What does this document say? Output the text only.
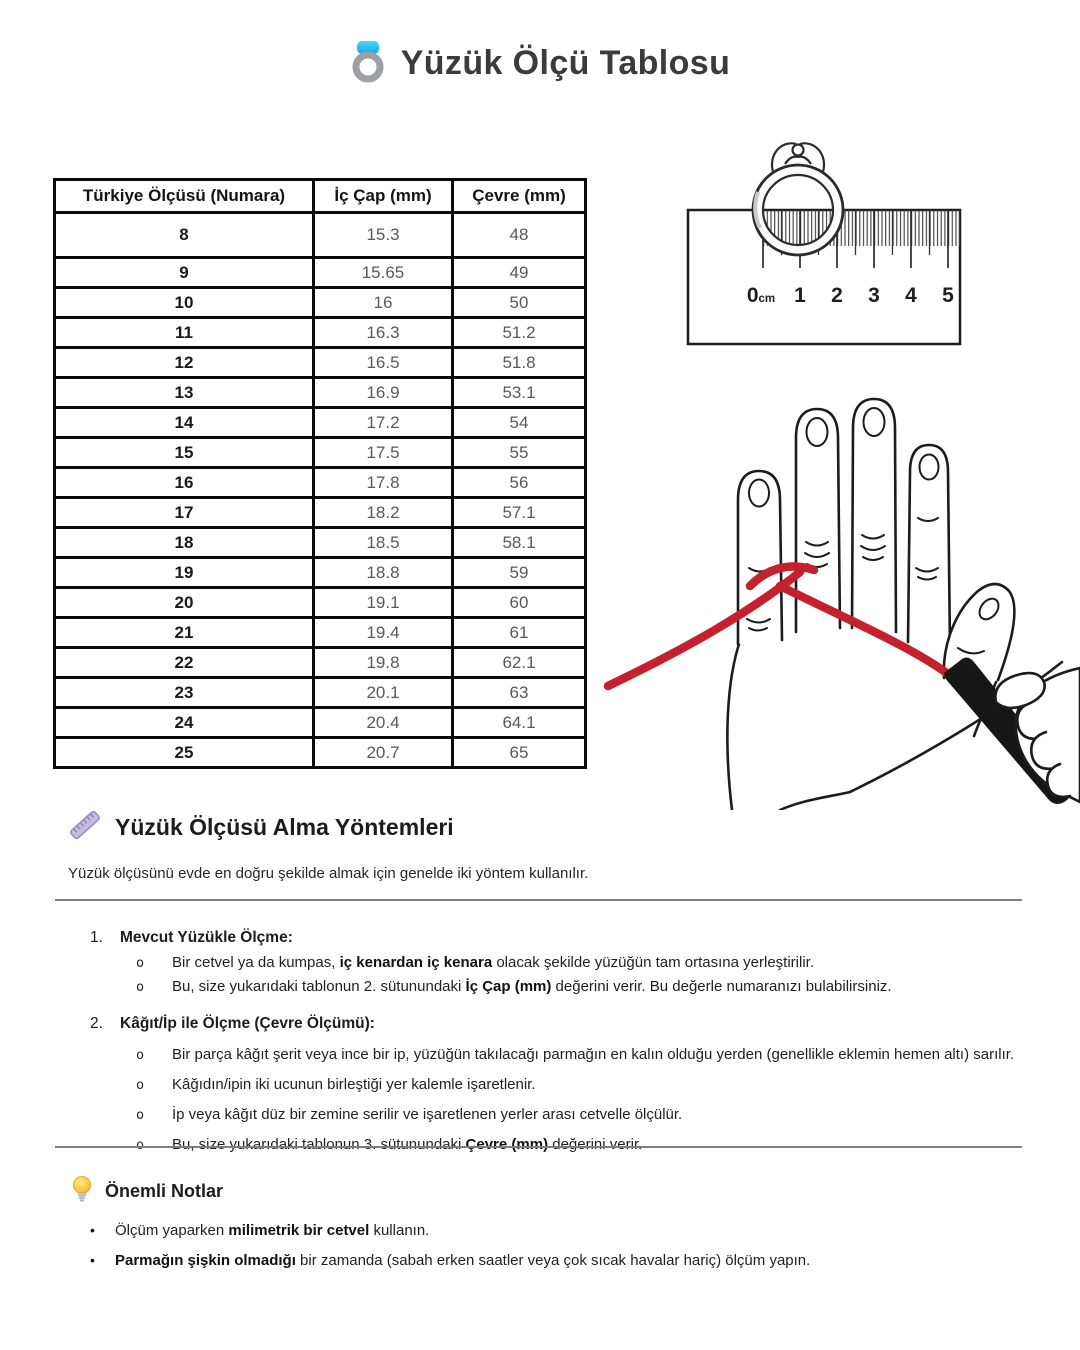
Yüzük Ölçü Tablosu
Türkiye Ölçüsü (Numara)	İç Çap (mm)	Çevre (mm)
8	15.3	48
9	15.65	49
10	16	50
11	16.3	51.2
12	16.5	51.8
13	16.9	53.1
14	17.2	54
15	17.5	55
16	17.8	56
17	18.2	57.1
18	18.5	58.1
19	18.8	59
20	19.1	60
21	19.4	61
22	19.8	62.1
23	20.1	63
24	20.4	64.1
25	20.7	65
0cm 1 2 3 4 5
Yüzük Ölçüsü Alma Yöntemleri

Yüzük ölçüsünü evde en doğru şekilde almak için genelde iki yöntem kullanılır.

1.	Mevcut Yüzükle Ölçme:
o	Bir cetvel ya da kumpas, iç kenardan iç kenara olacak şekilde yüzüğün tam ortasına yerleştirilir.
o	Bu, size yukarıdaki tablonun 2. sütunundaki İç Çap (mm) değerini verir. Bu değerle numaranızı bulabilirsiniz.
2.	Kâğıt/İp ile Ölçme (Çevre Ölçümü):
o	Bir parça kâğıt şerit veya ince bir ip, yüzüğün takılacağı parmağın en kalın olduğu yerden (genellikle eklemin hemen altı) sarılır.
o	Kâğıdın/ipin iki ucunun birleştiği yer kalemle işaretlenir.
o	İp veya kâğıt düz bir zemine serilir ve işaretlenen yerler arası cetvelle ölçülür.
o	Bu, size yukarıdaki tablonun 3. sütunundaki Çevre (mm) değerini verir.
Önemli Notlar
•	Ölçüm yaparken milimetrik bir cetvel kullanın.
•	Parmağın şişkin olmadığı bir zamanda (sabah erken saatler veya çok sıcak havalar hariç) ölçüm yapın.
